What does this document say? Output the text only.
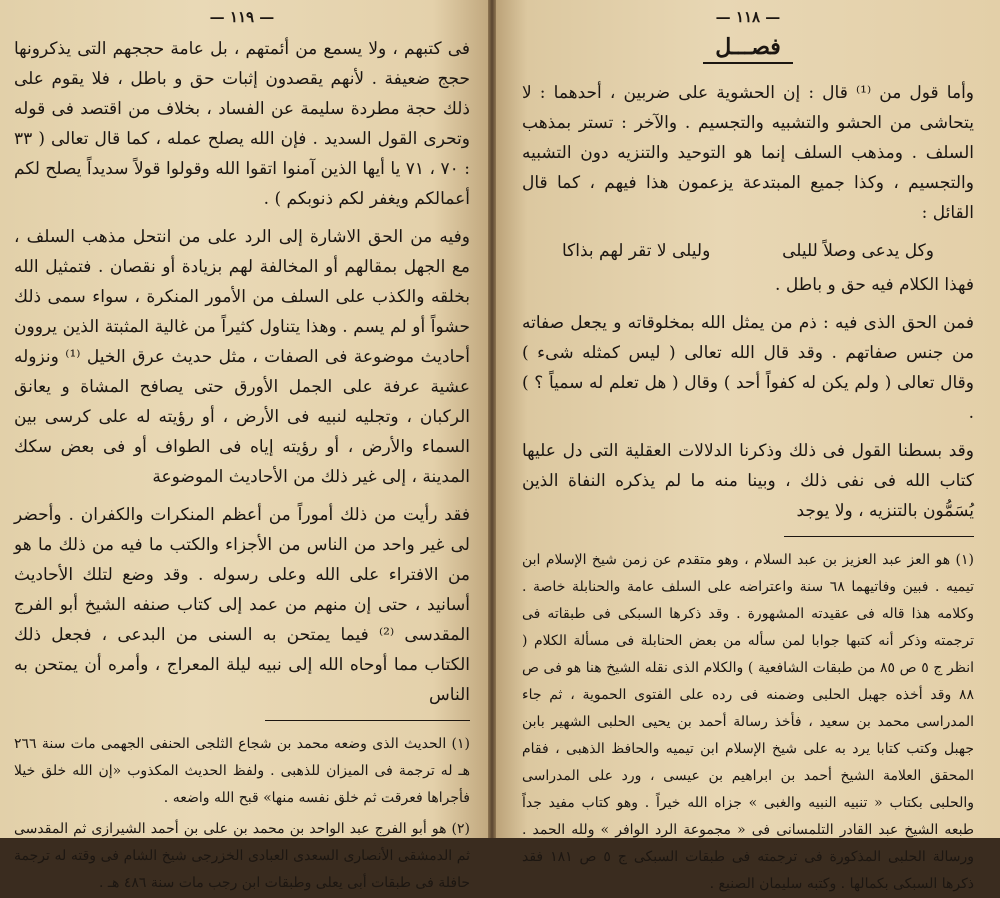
— ١١٩ —

فى كتبهم ، ولا يسمع من أئمتهم ، بل عامة حججهم التى يذكرونها حجج ضعيفة . لأنهم يقصدون إثبات حق و باطل ، فلا يقوم على ذلك حجة مطردة سليمة عن الفساد ، بخلاف من اقتصد فى قوله وتحرى القول السديد . فإن الله يصلح عمله ، كما قال تعالى ( ٣٣ : ٧٠ ، ٧١ يا أيها الذين آمنوا اتقوا الله وقولوا قولاً سديداً يصلح لكم أعمالكم ويغفر لكم ذنوبكم ) .

وفيه من الحق الاشارة إلى الرد على من انتحل مذهب السلف ، مع الجهل بمقالهم أو المخالفة لهم بزيادة أو نقصان . فتمثيل الله بخلقه والكذب على السلف من الأمور المنكرة ، سواء سمى ذلك حشواً أو لم يسم . وهذا يتناول كثيراً من غالية المثبتة الذين يروون أحاديث موضوعة فى الصفات ، مثل حديث عرق الخيل ⁽¹⁾ ونزوله عشية عرفة على الجمل الأورق حتى يصافح المشاة و يعانق الركبان ، وتجليه لنبيه فى الأرض ، أو رؤيته له على كرسى بين السماء والأرض ، أو رؤيته إياه فى الطواف أو فى بعض سكك المدينة ، إلى غير ذلك من الأحاديث الموضوعة

فقد رأيت من ذلك أموراً من أعظم المنكرات والكفران . وأحضر لى غير واحد من الناس من الأجزاء والكتب ما فيه من ذلك ما هو من الافتراء على الله وعلى رسوله . وقد وضع لتلك الأحاديث أسانيد ، حتى إن منهم من عمد إلى كتاب صنفه الشيخ أبو الفرج المقدسى ⁽²⁾ فيما يمتحن به السنى من البدعى ، فجعل ذلك الكتاب مما أوحاه الله إلى نبيه ليلة المعراج ، وأمره أن يمتحن به الناس

(١) الحديث الذى وضعه محمد بن شجاع الثلجى الحنفى الجهمى مات سنة ٢٦٦ هـ له ترجمة فى الميزان للذهبى . ولفظ الحديث المكذوب «إن الله خلق خيلا فأجراها فعرقت ثم خلق نفسه منها» قبح الله واضعه .

(٢) هو أبو الفرج عبد الواحد بن محمد بن على بن أحمد الشيرازى ثم المقدسى ثم الدمشقى الأنصارى السعدى العبادى الخزرجى شيخ الشام فى وقته له ترجمة حافلة فى طبقات أبى يعلى وطبقات ابن رجب مات سنة ٤٨٦ هـ .

— ١١٨ —
فصـــل

وأما قول من ⁽¹⁾ قال : إن الحشوية على ضربين ، أحدهما : لا يتحاشى من الحشو والتشبيه والتجسيم . والآخر : تستر بمذهب السلف . ومذهب السلف إنما هو التوحيد والتنزيه دون التشبيه والتجسيم ، وكذا جميع المبتدعة يزعمون هذا فيهم ، كما قال القائل :

وكل يدعى وصلاً لليلى
وليلى لا تقر لهم بذاكا

فهذا الكلام فيه حق و باطل .

فمن الحق الذى فيه : ذم من يمثل الله بمخلوقاته و يجعل صفاته من جنس صفاتهم . وقد قال الله تعالى ( ليس كمثله شىء ) وقال تعالى ( ولم يكن له كفواً أحد ) وقال ( هل تعلم له سمياً ؟ ) .

وقد بسطنا القول فى ذلك وذكرنا الدلالات العقلية التى دل عليها كتاب الله فى نفى ذلك ، وبينا منه ما لم يذكره النفاة الذين يُسَمُّون بالتنزيه ، ولا يوجد

(١) هو العز عبد العزيز بن عبد السلام ، وهو متقدم عن زمن شيخ الإسلام ابن تيميه . فبين وفاتيهما ٦٨ سنة واعتراضه على السلف عامة والحنابلة خاصة . وكلامه هذا قاله فى عقيدته المشهورة . وقد ذكرها السبكى فى طبقاته فى ترجمته وذكر أنه كتبها جوابا لمن سأله من بعض الحنابلة فى مسألة الكلام ( انظر ج ٥ ص ٨٥ من طبقات الشافعية ) والكلام الذى نقله الشيخ هنا هو فى ص ٨٨ وقد أخذه جهبل الحلبى وضمنه فى رده على الفتوى الحموية ، ثم جاء المدراسى محمد بن سعيد ، فأخذ رسالة أحمد بن يحيى الحلبى الشهير بابن جهبل وكتب كتابا يرد به على شيخ الإسلام ابن تيميه والحافظ الذهبى ، فقام المحقق العلامة الشيخ أحمد بن ابراهيم بن عيسى ، ورد على المدراسى والحلبى بكتاب « تنبيه النبيه والغبى » جزاه الله خيراً . وهو كتاب مفيد جداً طبعه الشيخ عبد القادر التلمسانى فى « مجموعة الرد الوافر » ولله الحمد . ورسالة الحلبى المذكورة فى ترجمته فى طبقات السبكى ج ٥ ص ١٨١ فقد ذكرها السبكى بكمالها . وكتبه سليمان الصنيع .
